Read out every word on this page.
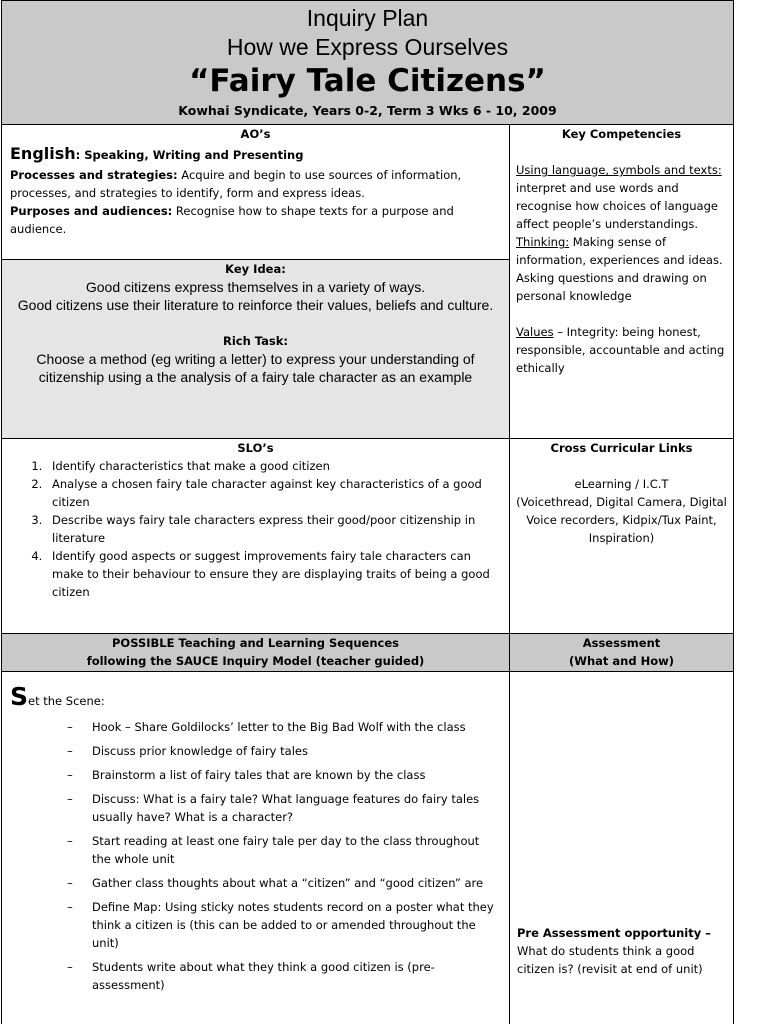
Inquiry Plan
How we Express Ourselves
“Fairy Tale Citizens”
Kowhai Syndicate, Years 0-2, Term 3 Wks 6 - 10, 2009
AO’s
English: Speaking, Writing and Presenting
Processes and strategies: Acquire and begin to use sources of information, processes, and strategies to identify, form and express ideas.
Purposes and audiences: Recognise how to shape texts for a purpose and audience.
Key Competencies
Using language, symbols and texts: interpret and use words and recognise how choices of language affect people’s understandings.
Thinking: Making sense of information, experiences and ideas. Asking questions and drawing on personal knowledge
Values – Integrity: being honest, responsible, accountable and acting ethically
Key Idea:
Good citizens express themselves in a variety of ways.
Good citizens use their literature to reinforce their values, beliefs and culture.
Rich Task:
Choose a method (eg writing a letter) to express your understanding of citizenship using a the analysis of a fairy tale character as an example
SLO’s
1. Identify characteristics that make a good citizen
2. Analyse a chosen fairy tale character against key characteristics of a good citizen
3. Describe ways fairy tale characters express their good/poor citizenship in literature
4. Identify good aspects or suggest improvements fairy tale characters can make to their behaviour to ensure they are displaying traits of being a good citizen
Cross Curricular Links
eLearning / I.C.T
(Voicethread, Digital Camera, Digital Voice recorders, Kidpix/Tux Paint, Inspiration)
POSSIBLE Teaching and Learning Sequences
following the SAUCE Inquiry Model (teacher guided)
Assessment
(What and How)
Set the Scene:
– Hook – Share Goldilocks’ letter to the Big Bad Wolf with the class
– Discuss prior knowledge of fairy tales
– Brainstorm a list of fairy tales that are known by the class
– Discuss: What is a fairy tale? What language features do fairy tales usually have? What is a character?
– Start reading at least one fairy tale per day to the class throughout the whole unit
– Gather class thoughts about what a “citizen” and “good citizen” are
– Define Map: Using sticky notes students record on a poster what they think a citizen is (this can be added to or amended throughout the unit)
– Students write about what they think a good citizen is (pre-assessment)
Pre Assessment opportunity –
What do students think a good citizen is? (revisit at end of unit)
